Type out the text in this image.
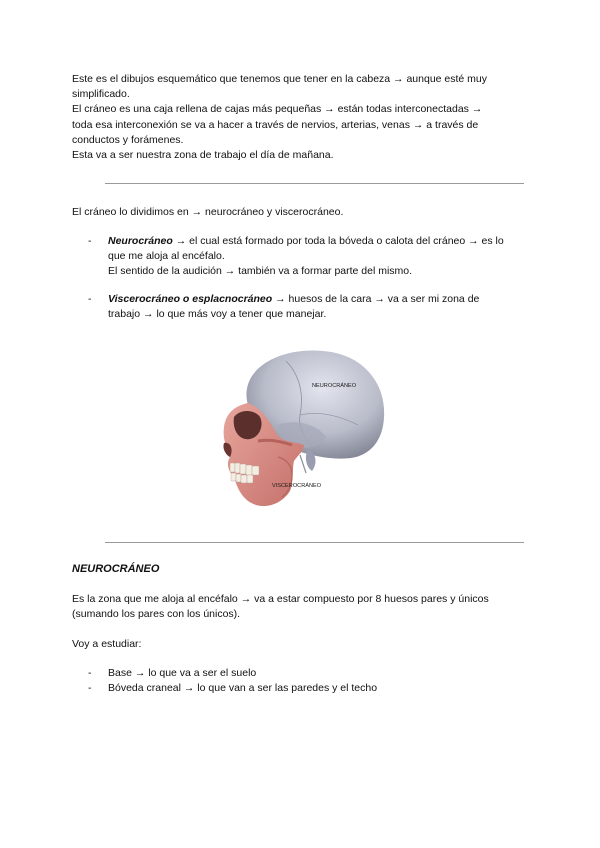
Este es el dibujos esquemático que tenemos que tener en la cabeza → aunque esté muy
simplificado.
El cráneo es una caja rellena de cajas más pequeñas → están todas interconectadas →
toda esa interconexión se va a hacer a través de nervios, arterias, venas → a través de
conductos y forámenes.
Esta va a ser nuestra zona de trabajo el día de mañana.
El cráneo lo dividimos en → neurocráneo y viscerocráneo.
- Neurocráneo → el cual está formado por toda la bóveda o calota del cráneo → es lo
que me aloja al encéfalo.
El sentido de la audición → también va a formar parte del mismo.
- Viscerocráneo o esplacnocráneo → huesos de la cara → va a ser mi zona de
trabajo → lo que más voy a tener que manejar.
NEUROCRÁNEO
VISCEROCRÁNEO
NEUROCRÁNEO
Es la zona que me aloja al encéfalo → va a estar compuesto por 8 huesos pares y únicos
(sumando los pares con los únicos).
Voy a estudiar:
- Base → lo que va a ser el suelo
- Bóveda craneal → lo que van a ser las paredes y el techo
